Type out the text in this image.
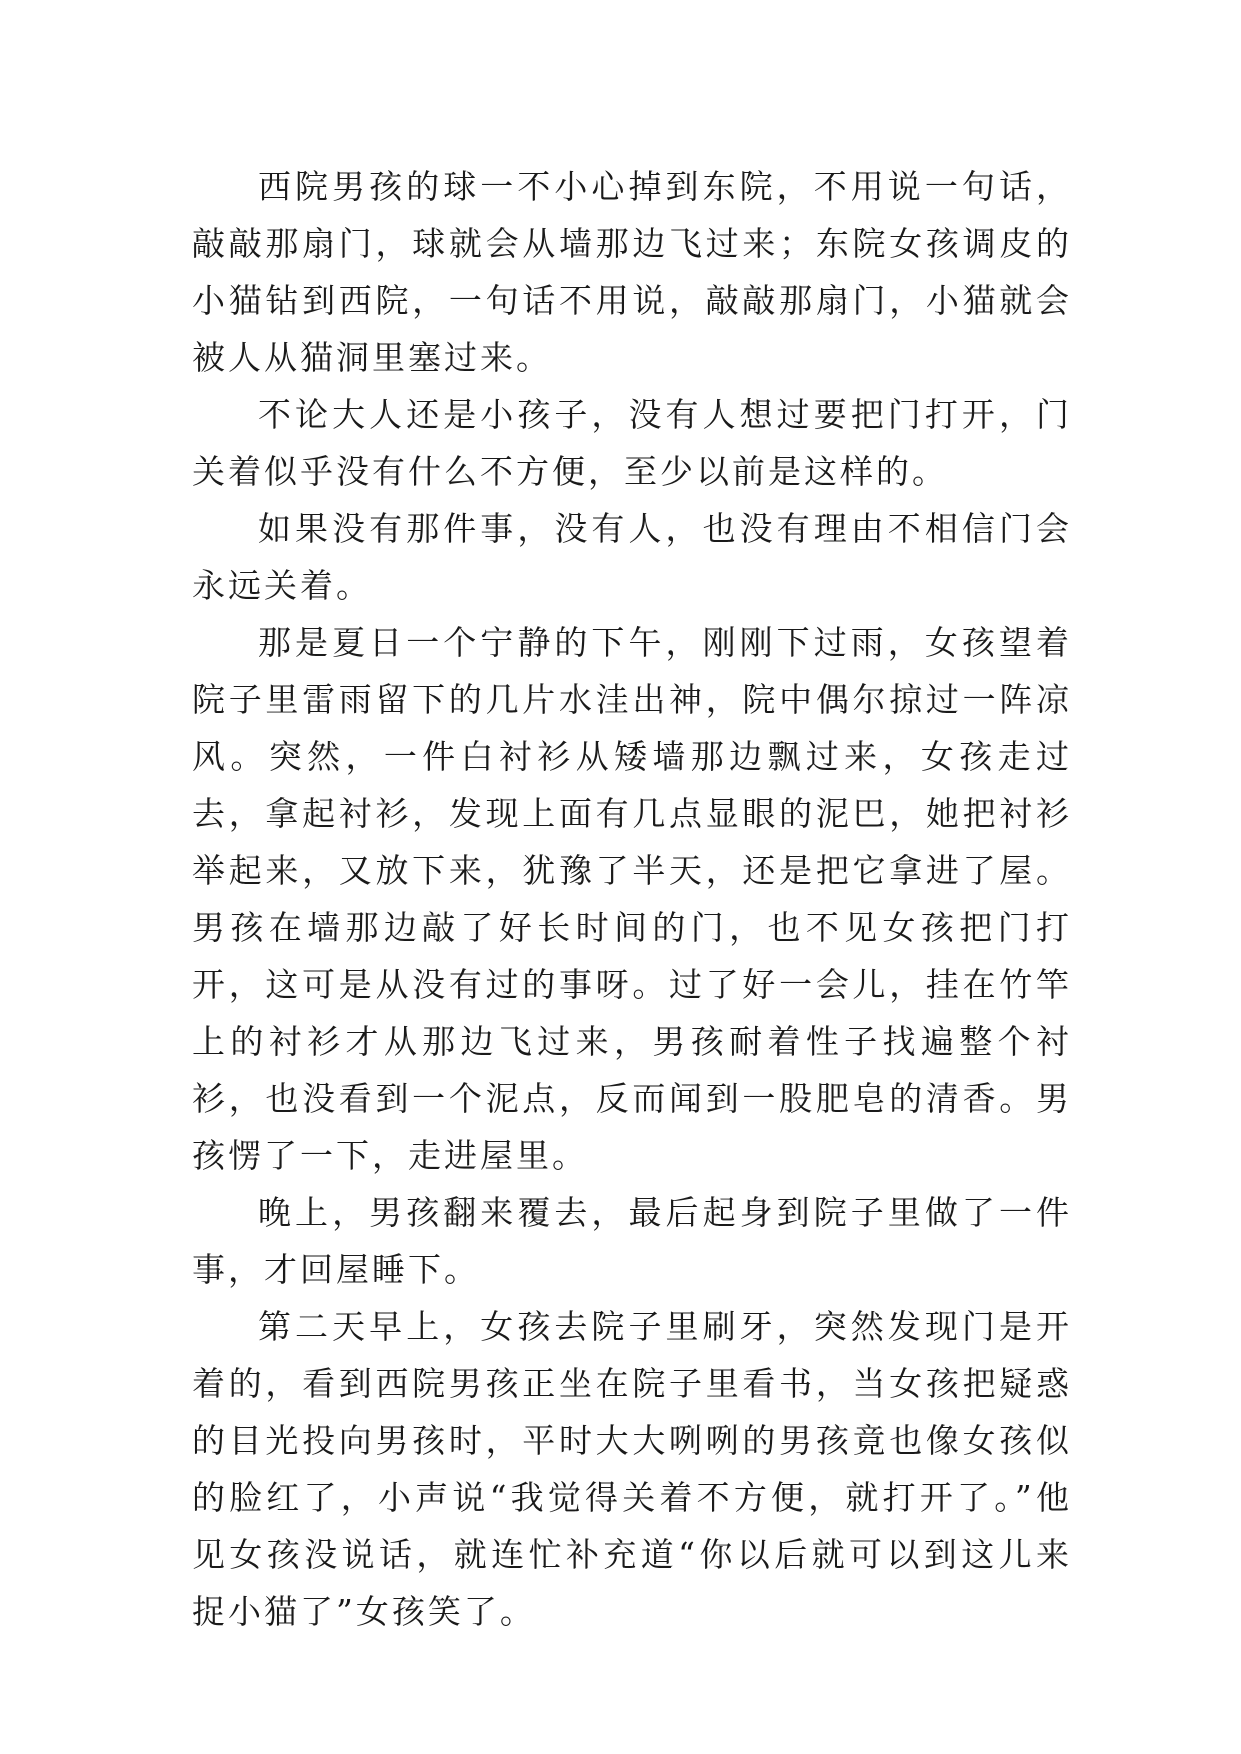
西院男孩的球一不小心掉到东院，不用说一句话，敲敲那扇门，球就会从墙那边飞过来；东院女孩调皮的小猫钻到西院，一句话不用说，敲敲那扇门，小猫就会被人从猫洞里塞过来。

不论大人还是小孩子，没有人想过要把门打开，门关着似乎没有什么不方便，至少以前是这样的。

如果没有那件事，没有人，也没有理由不相信门会永远关着。

那是夏日一个宁静的下午，刚刚下过雨，女孩望着院子里雷雨留下的几片水洼出神，院中偶尔掠过一阵凉风。突然，一件白衬衫从矮墙那边飘过来，女孩走过去，拿起衬衫，发现上面有几点显眼的泥巴，她把衬衫举起来，又放下来，犹豫了半天，还是把它拿进了屋。男孩在墙那边敲了好长时间的门，也不见女孩把门打开，这可是从没有过的事呀。过了好一会儿，挂在竹竿上的衬衫才从那边飞过来，男孩耐着性子找遍整个衬衫，也没看到一个泥点，反而闻到一股肥皂的清香。男孩愣了一下，走进屋里。

晚上，男孩翻来覆去，最后起身到院子里做了一件事，才回屋睡下。

第二天早上，女孩去院子里刷牙，突然发现门是开着的，看到西院男孩正坐在院子里看书，当女孩把疑惑的目光投向男孩时，平时大大咧咧的男孩竟也像女孩似的脸红了，小声说“我觉得关着不方便，就打开了。”他见女孩没说话，就连忙补充道“你以后就可以到这儿来捉小猫了”女孩笑了。
